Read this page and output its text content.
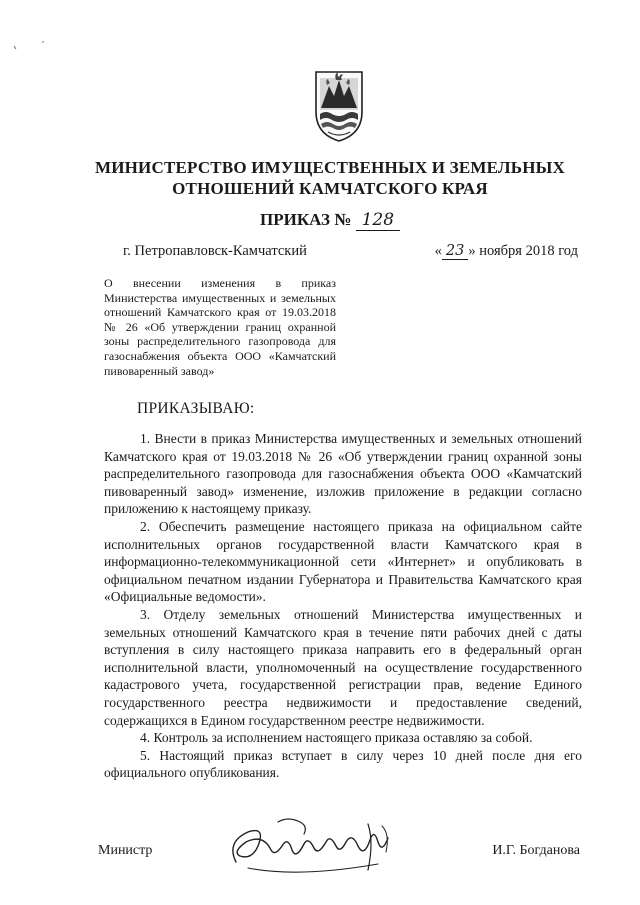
МИНИСТЕРСТВО ИМУЩЕСТВЕННЫХ И ЗЕМЕЛЬНЫХ
ОТНОШЕНИЙ КАМЧАТСКОГО КРАЯ
ПРИКАЗ № 128
г. Петропавловск-Камчатский	« 23 » ноября 2018 год
О внесении изменения в приказ Министерства имущественных и земельных отношений Камчатского края от 19.03.2018 № 26 «Об утверждении границ охранной зоны распределительного газопровода для газоснабжения объекта ООО «Камчатский пивоваренный завод»
ПРИКАЗЫВАЮ:

1. Внести в приказ Министерства имущественных и земельных отношений Камчатского края от 19.03.2018 № 26 «Об утверждении границ охранной зоны распределительного газопровода для газоснабжения объекта ООО «Камчатский пивоваренный завод» изменение, изложив приложение в редакции согласно приложению к настоящему приказу.

2. Обеспечить размещение настоящего приказа на официальном сайте исполнительных органов государственной власти Камчатского края в информационно-телекоммуникационной сети «Интернет» и опубликовать в официальном печатном издании Губернатора и Правительства Камчатского края «Официальные ведомости».

3. Отделу земельных отношений Министерства имущественных и земельных отношений Камчатского края в течение пяти рабочих дней с даты вступления в силу настоящего приказа направить его в федеральный орган исполнительной власти, уполномоченный на осуществление государственного кадастрового учета, государственной регистрации прав, ведение Единого государственного реестра недвижимости и предоставление сведений, содержащихся в Едином государственном реестре недвижимости.

4. Контроль за исполнением настоящего приказа оставляю за собой.

5. Настоящий приказ вступает в силу через 10 дней после дня его официального опубликования.

Министр	И.Г. Богданова
